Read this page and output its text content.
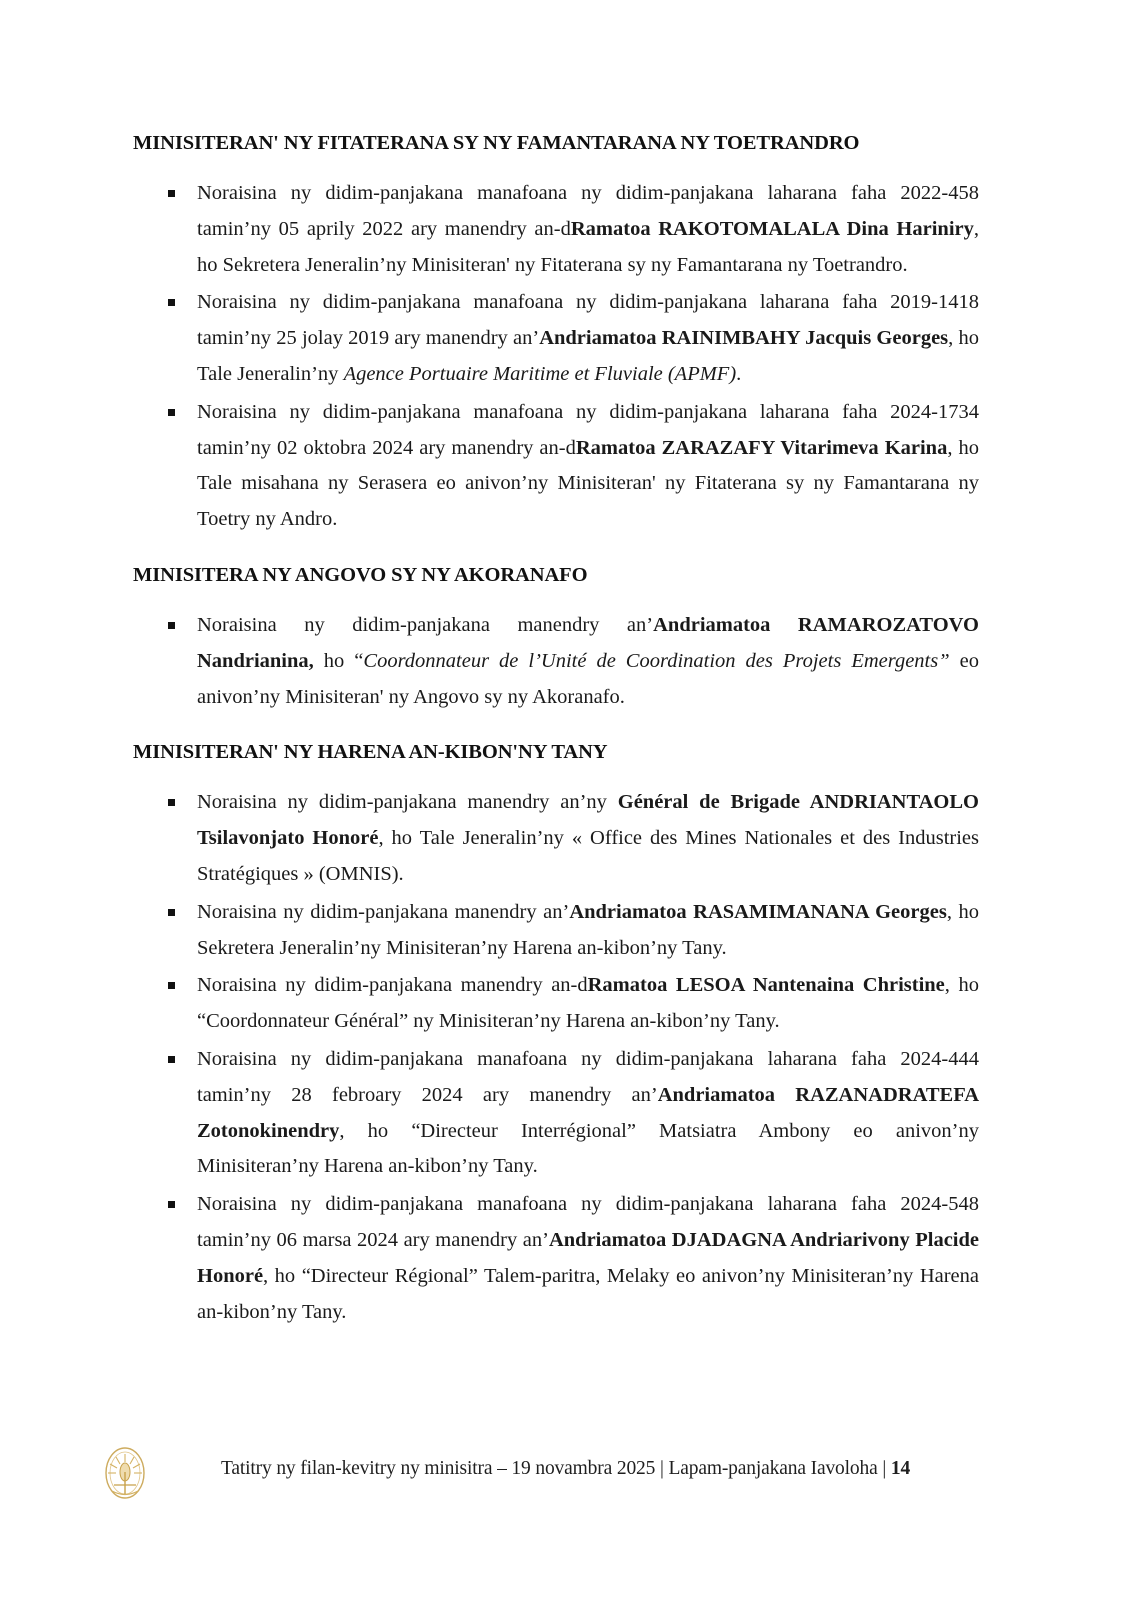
MINISITERAN' NY FITATERANA SY NY FAMANTARANA NY TOETRANDRO
Noraisina ny didim-panjakana manafoana ny didim-panjakana laharana faha 2022-458 tamin’ny 05 aprily 2022 ary manendry an-dRamatoa RAKOTOMALALA Dina Hariniry, ho Sekretera Jeneralin’ny Minisiteran' ny Fitaterana sy ny Famantarana ny Toetrandro.
Noraisina ny didim-panjakana manafoana ny didim-panjakana laharana faha 2019-1418 tamin’ny 25 jolay 2019 ary manendry an’Andriamatoa RAINIMBAHY Jacquis Georges, ho Tale Jeneralin’ny Agence Portuaire Maritime et Fluviale (APMF).
Noraisina ny didim-panjakana manafoana ny didim-panjakana laharana faha 2024-1734 tamin’ny 02 oktobra 2024 ary manendry an-dRamatoa ZARAZAFY Vitarimeva Karina, ho Tale misahana ny Serasera eo anivon’ny Minisiteran' ny Fitaterana sy ny Famantarana ny Toetry ny Andro.
MINISITERA NY ANGOVO SY NY AKORANAFO
Noraisina ny didim-panjakana manendry an’Andriamatoa RAMAROZATOVO Nandrianina, ho “Coordonnateur de l’Unité de Coordination des Projets Emergents” eo anivon’ny Minisiteran' ny Angovo sy ny Akoranafo.
MINISITERAN' NY HARENA AN-KIBON'NY TANY
Noraisina ny didim-panjakana manendry an’ny Général de Brigade ANDRIANTAOLO Tsilavonjato Honoré, ho Tale Jeneralin’ny « Office des Mines Nationales et des Industries Stratégiques » (OMNIS).
Noraisina ny didim-panjakana manendry an’Andriamatoa RASAMIMANANA Georges, ho Sekretera Jeneralin’ny Minisiteran’ny Harena an-kibon’ny Tany.
Noraisina ny didim-panjakana manendry an-dRamatoa LESOA Nantenaina Christine, ho “Coordonnateur Général” ny Minisiteran’ny Harena an-kibon’ny Tany.
Noraisina ny didim-panjakana manafoana ny didim-panjakana laharana faha 2024-444 tamin’ny 28 febroary 2024 ary manendry an’Andriamatoa RAZANADRATEFA Zotonokinendry, ho “Directeur Interrégional” Matsiatra Ambony eo anivon’ny Minisiteran’ny Harena an-kibon’ny Tany.
Noraisina ny didim-panjakana manafoana ny didim-panjakana laharana faha 2024-548 tamin’ny 06 marsa 2024 ary manendry an’Andriamatoa DJADAGNA Andriarivony Placide Honoré, ho “Directeur Régional” Talem-paritra, Melaky eo anivon’ny Minisiteran’ny Harena an-kibon’ny Tany.
Tatitry ny filan-kevitry ny minisitra – 19 novambra 2025 | Lapam-panjakana Iavoloha | 14
